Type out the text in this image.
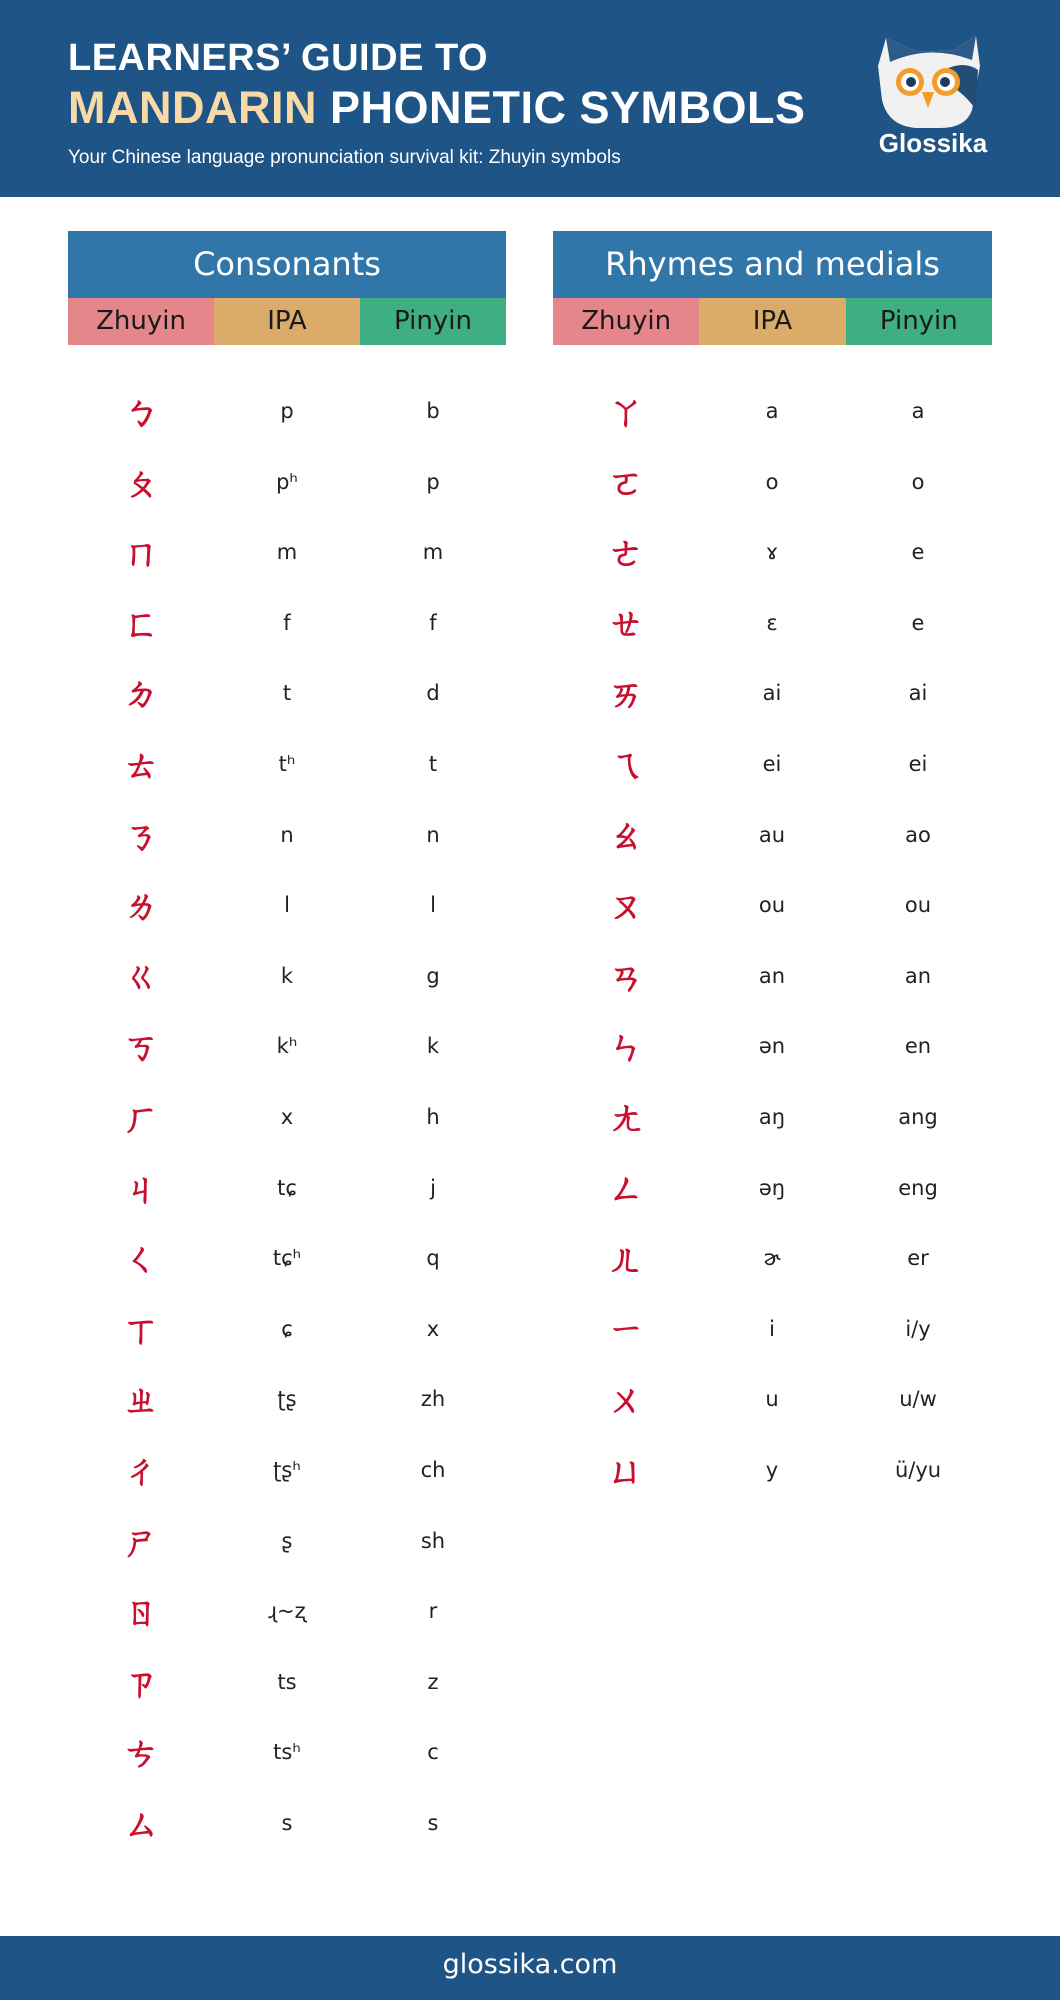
LEARNERS’ GUIDE TO
MANDARIN PHONETIC SYMBOLS
Your Chinese language pronunciation survival kit: Zhuyin symbols	Glossika
Consonants
Zhuyin	IPA	Pinyin
ㄅ	p	b
ㄆ	pʰ	p
ㄇ	m	m
ㄈ	f	f
ㄉ	t	d
ㄊ	tʰ	t
ㄋ	n	n
ㄌ	l	l
ㄍ	k	g
ㄎ	kʰ	k
ㄏ	x	h
ㄐ	tɕ	j
ㄑ	tɕʰ	q
ㄒ	ɕ	x
ㄓ	ʈʂ	zh
ㄔ	ʈʂʰ	ch
ㄕ	ʂ	sh
ㄖ	ɻ~ʐ	r
ㄗ	ts	z
ㄘ	tsʰ	c
ㄙ	s	s
Rhymes and medials
Zhuyin	IPA	Pinyin
ㄚ	a	a
ㄛ	o	o
ㄜ	ɤ	e
ㄝ	ɛ	e
ㄞ	ai	ai
ㄟ	ei	ei
ㄠ	au	ao
ㄡ	ou	ou
ㄢ	an	an
ㄣ	ən	en
ㄤ	aŋ	ang
ㄥ	əŋ	eng
ㄦ	ɚ	er
ㄧ	i	i/y
ㄨ	u	u/w
ㄩ	y	ü/yu
glossika.com
